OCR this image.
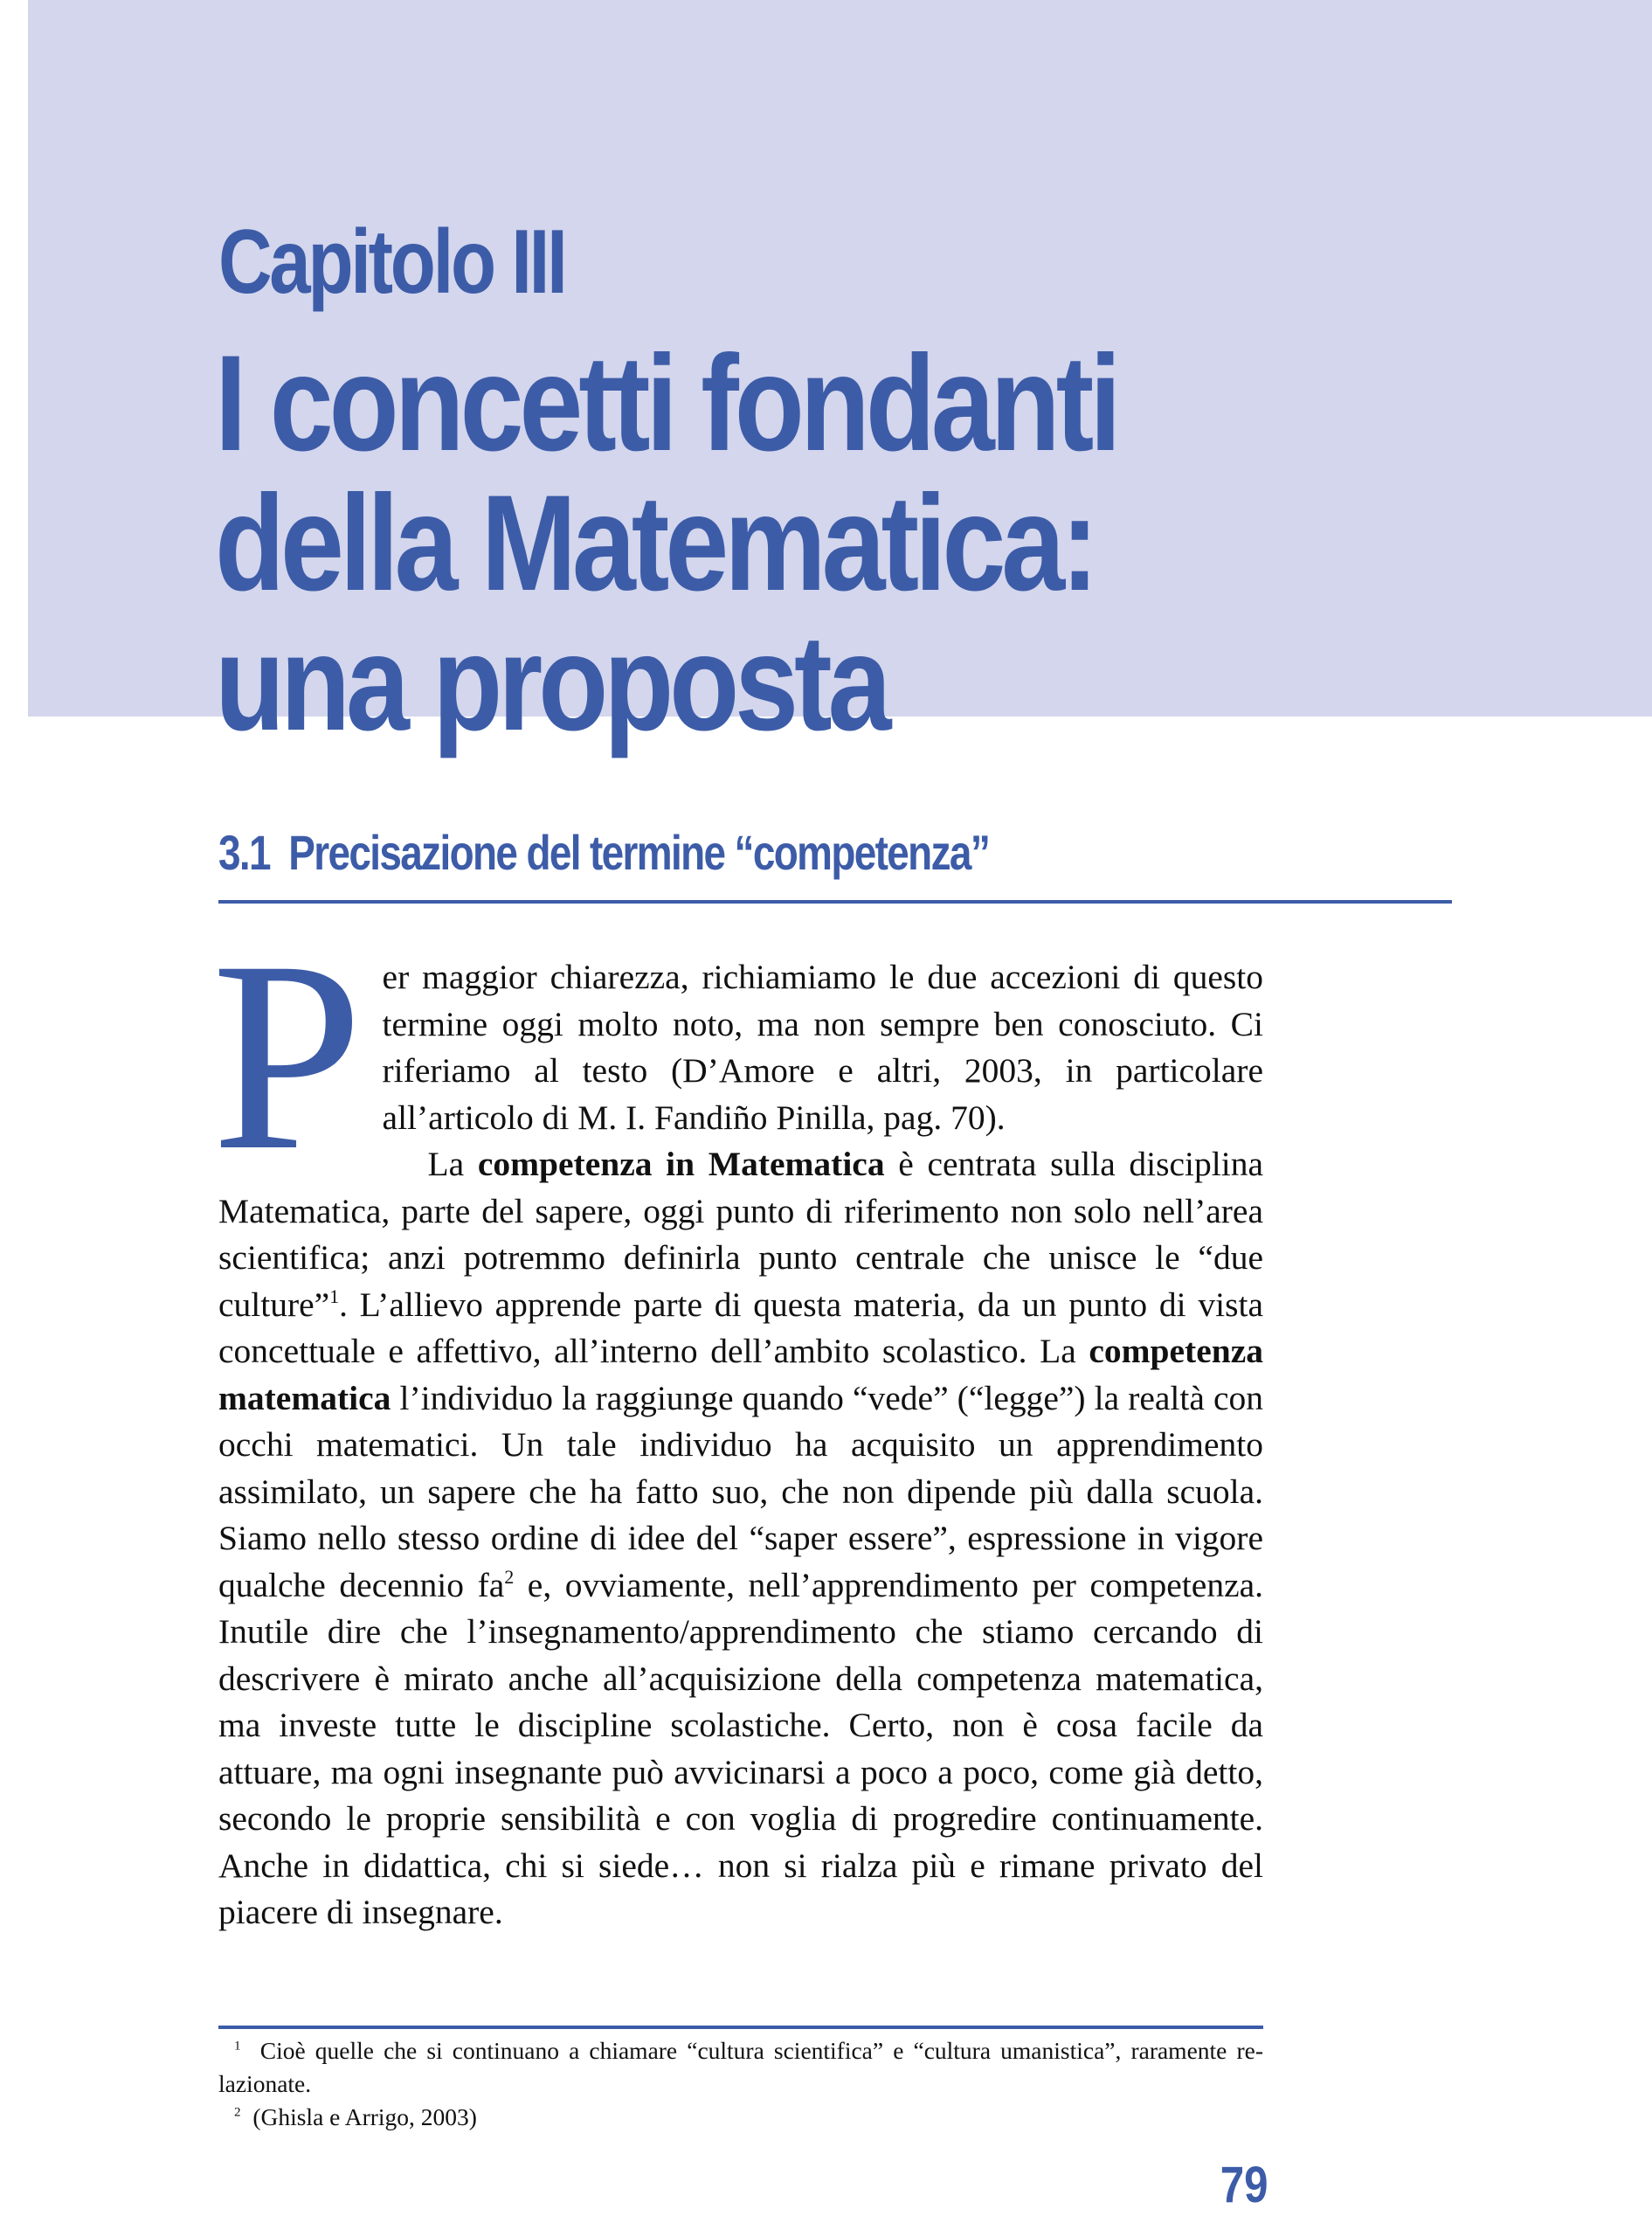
Capitolo III
I concetti fondanti
della Matematica:
una proposta
3.1 Precisazione del termine “competenza”
P er maggior chiarezza, richiamiamo le due accezioni di questo termine oggi molto noto, ma non sempre ben conosciuto. Ci riferiamo al testo (D’Amore e altri, 2003, in particolare all’articolo di M. I. Fandiño Pinilla, pag. 70).

La competenza in Matematica è centrata sulla disciplina Matematica, parte del sapere, oggi punto di riferimento non solo nell’area scientifica; anzi potremmo definirla punto centrale che unisce le “due culture”$^1$. L’allievo apprende parte di questa materia, da un punto di vista concettuale e affettivo, all’interno dell’ambito scolastico. La competenza matematica l’individuo la raggiunge quando “vede” (“legge”) la realtà con occhi matematici. Un tale individuo ha acquisito un apprendimento assimilato, un sapere che ha fatto suo, che non dipende più dalla scuola. Siamo nello stesso ordine di idee del “saper essere”, espressione in vigore qualche decennio $fa^2$ e, ovviamente, nell’apprendimento per competenza. Inutile dire che l’insegnamento/apprendimento che stiamo cercando di descrivere è mirato anche all’acquisizione della competenza matematica, ma investe tutte le discipline scolastiche. Certo, non è cosa facile da attuare, ma ogni insegnante può avvicinarsi a poco a poco, come già detto, secondo le proprie sensibilità e con voglia di progredire continuamente. Anche in didattica, chi si siede… non si rialza più e rimane privato del piacere di insegnare.

$^1$ Cioè quelle che si continuano a chiamare “cultura scientifica” e “cultura umanistica”, raramente relazionate.

$^2$ (Ghisla e Arrigo, 2003)

79
